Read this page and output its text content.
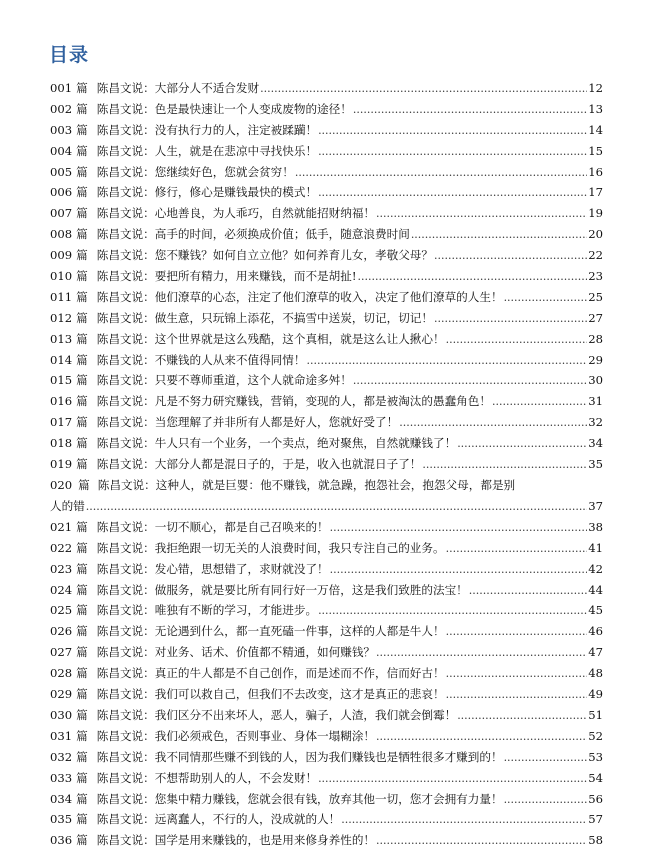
目录
001 篇 陈昌文说：大部分人不适合发财 .....	12
002 篇 陈昌文说：色是最快速让一个人变成废物的途径！ .....	13
003 篇 陈昌文说：没有执行力的人，注定被蹂躏！ .....	14
004 篇 陈昌文说：人生，就是在悲凉中寻找快乐！ .....	15
005 篇 陈昌文说：您继续好色，您就会贫穷！ .....	16
006 篇 陈昌文说：修行，修心是赚钱最快的模式！ .....	17
007 篇 陈昌文说：心地善良，为人乖巧，自然就能招财纳福！ .....	19
008 篇 陈昌文说：高手的时间，必须换成价值；低手，随意浪费时间 .....	20
009 篇 陈昌文说：您不赚钱？如何自立立他？如何养育儿女，孝敬父母？ .....	22
010 篇 陈昌文说：要把所有精力，用来赚钱，而不是胡扯! .....	23
011 篇 陈昌文说：他们潦草的心态，注定了他们潦草的收入，决定了他们潦草的人生！ .....	25
012 篇 陈昌文说：做生意，只玩锦上添花，不搞雪中送炭，切记，切记！ .....	27
013 篇 陈昌文说：这个世界就是这么残酷，这个真相，就是这么让人揪心！ .....	28
014 篇 陈昌文说：不赚钱的人从来不值得同情！ .....	29
015 篇 陈昌文说：只要不尊师重道，这个人就命途多舛！ .....	30
016 篇 陈昌文说：凡是不努力研究赚钱，营销，变现的人，都是被淘汰的愚蠢角色！ .....	31
017 篇 陈昌文说：当您理解了并非所有人都是好人，您就好受了！ .....	32
018 篇 陈昌文说：牛人只有一个业务，一个卖点，绝对聚焦，自然就赚钱了！ .....	34
019 篇 陈昌文说：大部分人都是混日子的，于是，收入也就混日子了！ .....	35
020 篇 陈昌文说：这种人，就是巨婴：他不赚钱，就急躁，抱怨社会，抱怨父母，都是别
人的错 .....	37
021 篇 陈昌文说：一切不顺心，都是自己召唤来的！ .....	38
022 篇 陈昌文说：我拒绝跟一切无关的人浪费时间，我只专注自己的业务。 .....	41
023 篇 陈昌文说：发心错，思想错了，求财就没了！ .....	42
024 篇 陈昌文说：做服务，就是要比所有同行好一万倍，这是我们致胜的法宝！ .....	44
025 篇 陈昌文说：唯独有不断的学习，才能进步。 .....	45
026 篇 陈昌文说：无论遇到什么，都一直死磕一件事，这样的人都是牛人！ .....	46
027 篇 陈昌文说：对业务、话术、价值都不精通，如何赚钱？ .....	47
028 篇 陈昌文说：真正的牛人都是不自己创作，而是述而不作，信而好古！ .....	48
029 篇 陈昌文说：我们可以救自己，但我们不去改变，这才是真正的悲哀！ .....	49
030 篇 陈昌文说：我们区分不出来坏人，恶人，骗子，人渣，我们就会倒霉！ .....	51
031 篇 陈昌文说：我们必须戒色，否则事业、身体一塌糊涂！ .....	52
032 篇 陈昌文说：我不同情那些赚不到钱的人，因为我们赚钱也是牺牲很多才赚到的！ .....	53
033 篇 陈昌文说：不想帮助别人的人，不会发财！ .....	54
034 篇 陈昌文说：您集中精力赚钱，您就会很有钱，放弃其他一切，您才会拥有力量！ .....	56
035 篇 陈昌文说：远离蠢人，不行的人，没成就的人！ .....	57
036 篇 陈昌文说：国学是用来赚钱的，也是用来修身养性的！ .....	58
